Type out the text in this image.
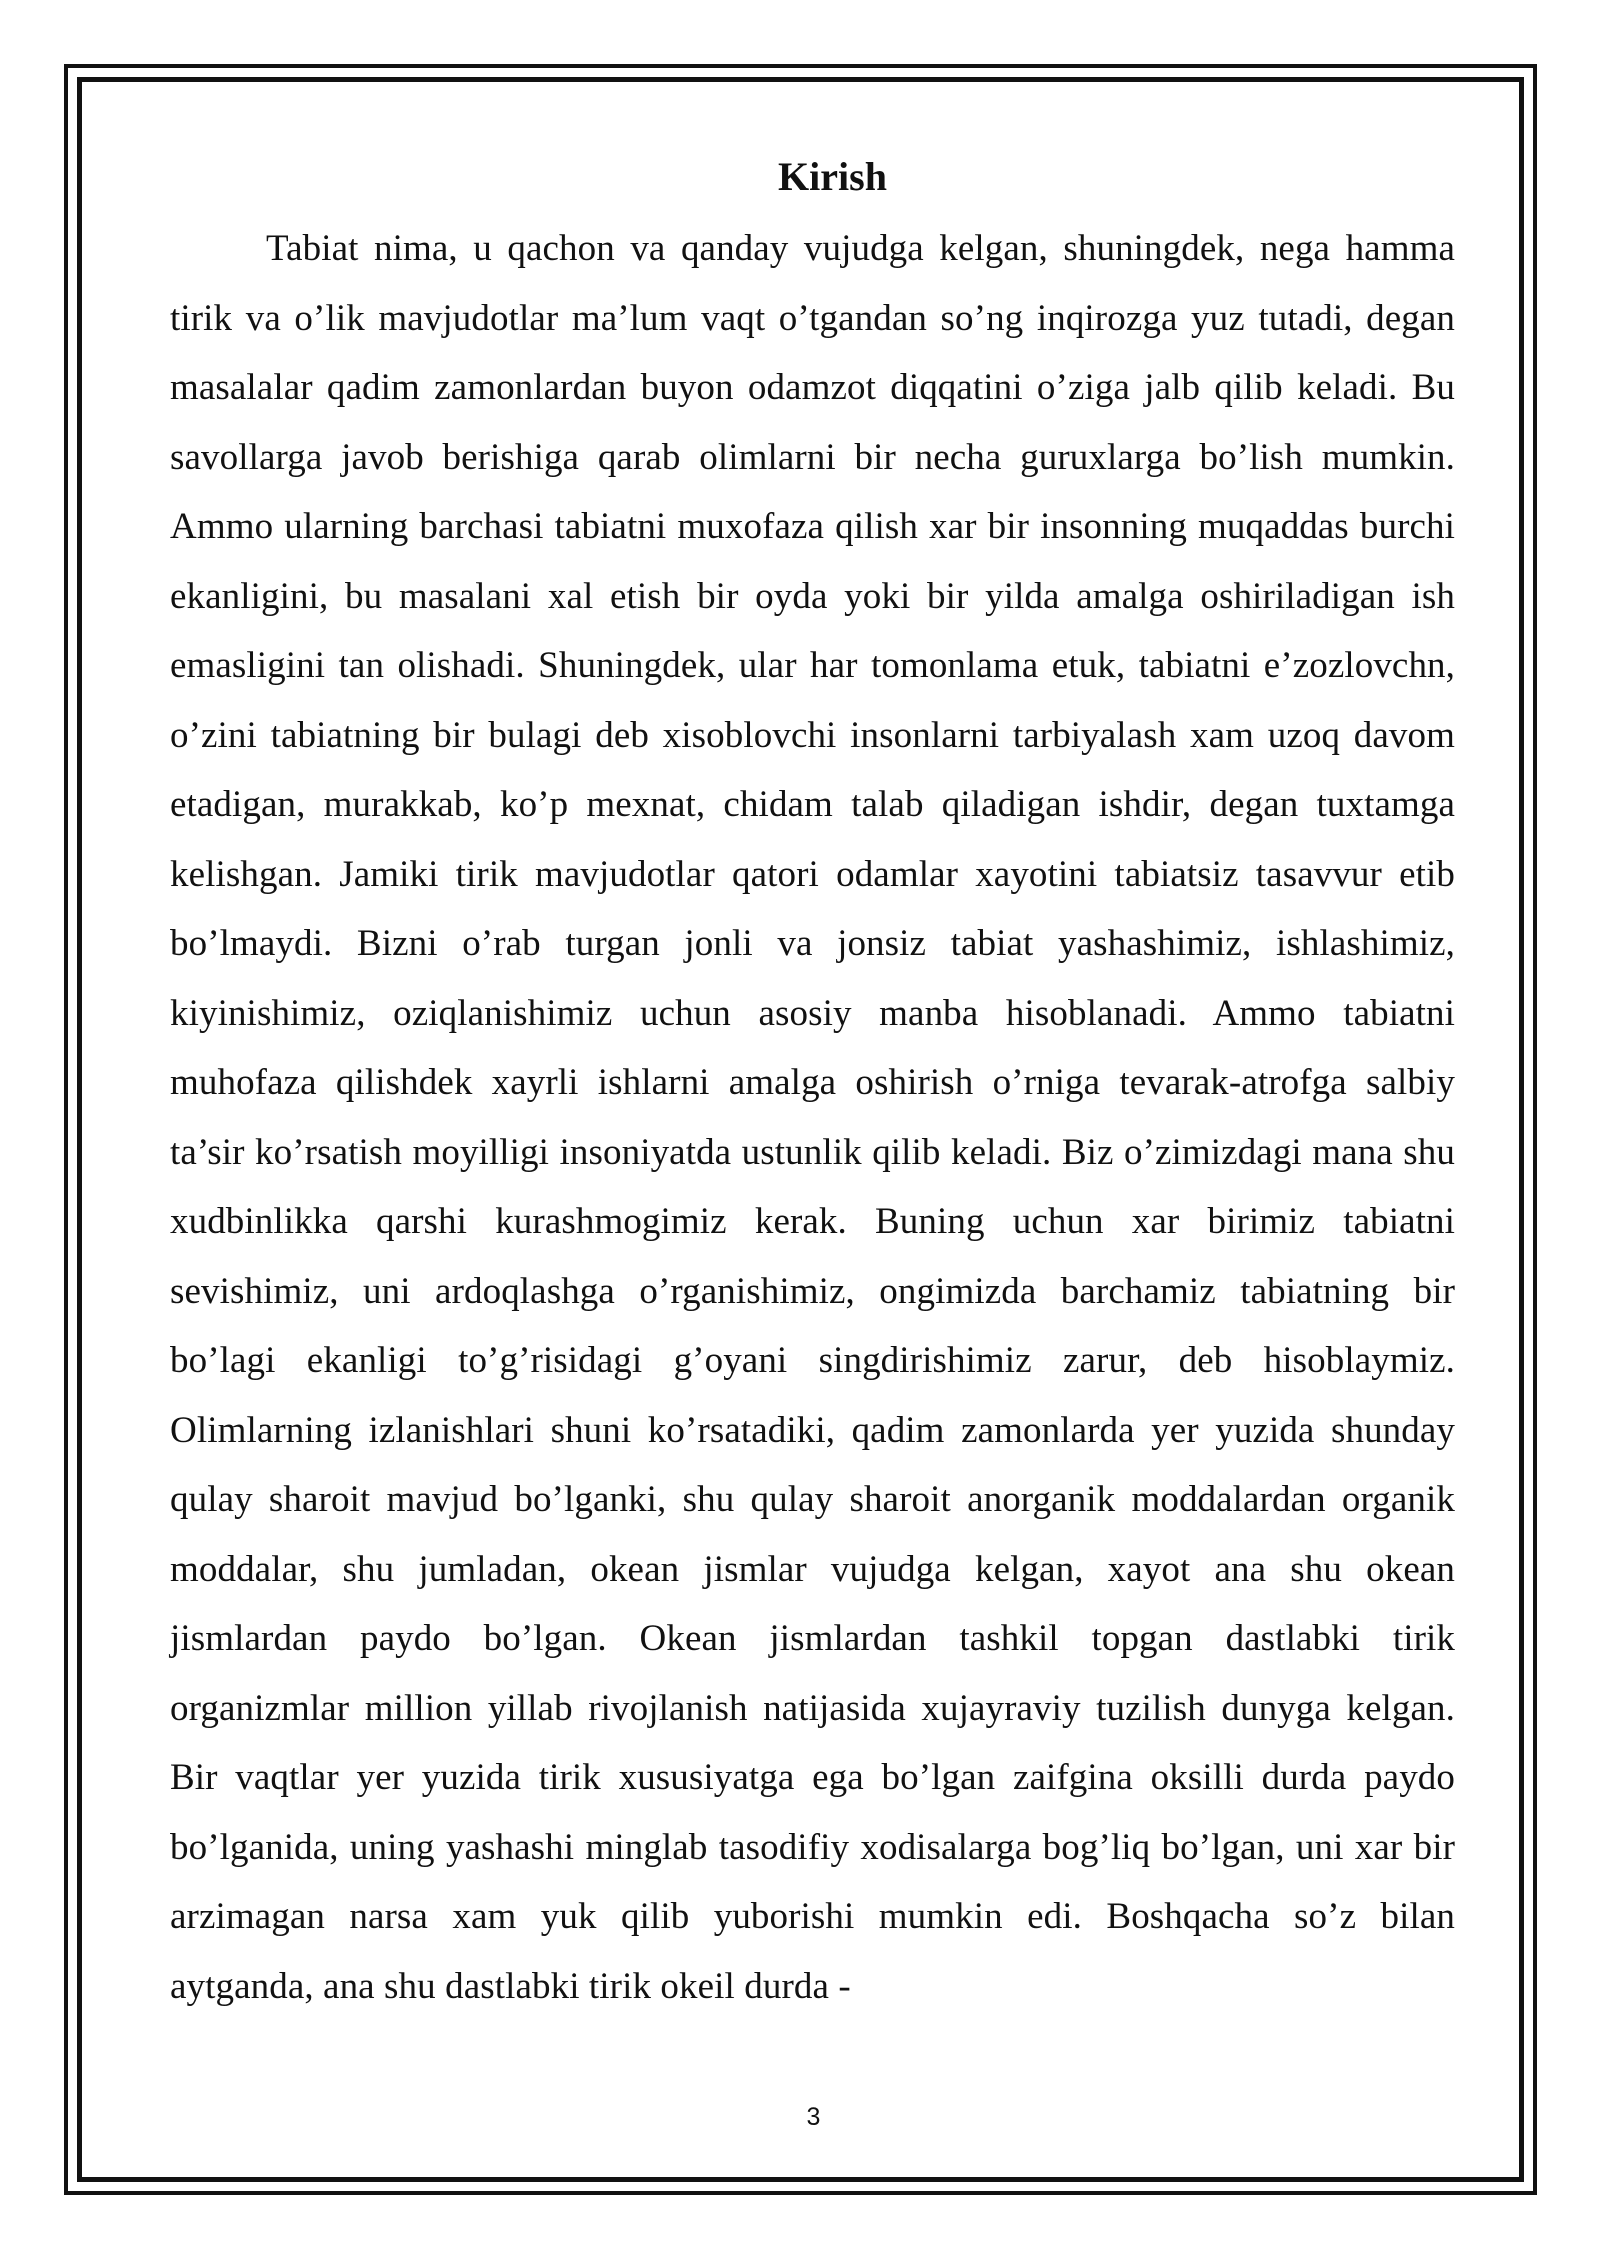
Kirish

Tabiat nima, u qachon va qanday vujudga kelgan, shuningdek, nega hamma tirik va o’lik mavjudotlar ma’lum vaqt o’tgandan so’ng inqirozga yuz tutadi, degan masalalar qadim zamonlardan buyon odamzot diqqatini o’ziga jalb qilib keladi. Bu savollarga javob berishiga qarab olimlarni bir necha guruxlarga bo’lish mumkin. Ammo ularning barchasi tabiatni muxofaza qilish xar bir insonning muqaddas burchi ekanligini, bu masalani xal etish bir oyda yoki bir yilda amalga oshiriladigan ish emasligini tan olishadi. Shuningdek, ular har tomonlama etuk, tabiatni e’zozlovchn, o’zini tabiatning bir bulagi deb xisoblovchi insonlarni tarbiyalash xam uzoq davom etadigan, murakkab, ko’p mexnat, chidam talab qiladigan ishdir, degan tuxtamga kelishgan. Jamiki tirik mavjudotlar qatori odamlar xayotini tabiatsiz tasavvur etib bo’lmaydi. Bizni o’rab turgan jonli va jonsiz tabiat yashashimiz, ishlashimiz, kiyinishimiz, oziqlanishimiz uchun asosiy manba hisoblanadi. Ammo tabiatni muhofaza qilishdek xayrli ishlarni amalga oshirish o’rniga tevarak-atrofga salbiy ta’sir ko’rsatish moyilligi insoniyatda ustunlik qilib keladi. Biz o’zimizdagi mana shu xudbinlikka qarshi kurashmogimiz kerak. Buning uchun xar birimiz tabiatni sevishimiz, uni ardoqlashga o’rganishimiz, ongimizda barchamiz tabiatning bir bo’lagi ekanligi to’g’risidagi g’oyani singdirishimiz zarur, deb hisoblaymiz. Olimlarning izlanishlari shuni ko’rsatadiki, qadim zamonlarda yer yuzida shunday qulay sharoit mavjud bo’lganki, shu qulay sharoit anorganik moddalardan organik moddalar, shu jumladan, okean jismlar vujudga kelgan, xayot ana shu okean jismlardan paydo bo’lgan. Okean jismlardan tashkil topgan dastlabki tirik organizmlar million yillab rivojlanish natijasida xujayraviy tuzilish dunyga kelgan. Bir vaqtlar yer yuzida tirik xususiyatga ega bo’lgan zaifgina oksilli durda paydo bo’lganida, uning yashashi minglab tasodifiy xodisalarga bog’liq bo’lgan, uni xar bir arzimagan narsa xam yuk qilib yuborishi mumkin edi. Boshqacha so’z bilan aytganda, ana shu dastlabki tirik okeil durda -

3
